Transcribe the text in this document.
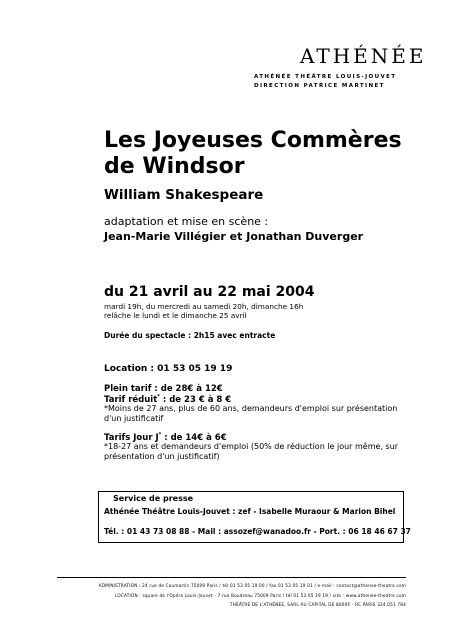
ATHÉNÉE
ATHÉNÉE THÉÂTRE LOUIS-JOUVET
DIRECTION PATRICE MARTINET
Les Joyeuses Commères
de Windsor
William Shakespeare
adaptation et mise en scène :
Jean-Marie Villégier et Jonathan Duverger
du 21 avril au 22 mai 2004
mardi 19h, du mercredi au samedi 20h, dimanche 16h
relâche le lundi et le dimanche 25 avril
Durée du spectacle : 2h15 avec entracte
Location : 01 53 05 19 19
Plein tarif : de 28€ à 12€
Tarif réduit* : de 23 € à 8 €
*Moins de 27 ans, plus de 60 ans, demandeurs d'emploi sur présentation d'un justificatif
Tarifs Jour J* : de 14€ à 6€
*18-27 ans et demandeurs d'emploi (50% de réduction le jour même, sur présentation d'un justificatif)
Service de presse
Athénée Théâtre Louis-Jouvet : zef - Isabelle Muraour & Marion Bihel
Tél. : 01 43 73 08 88 - Mail : assozef@wanadoo.fr - Port. : 06 18 46 67 37
ADMINISTRATION : 24 rue de Caumartin 75009 Paris / tél 01 53 05 19 00 / fax 01 53 05 19 01 / e-mail : contact@athenee-theatre.com
LOCATION : square de l'Opéra Louis-Jouvet - 7 rue Boudreau 75009 Paris / tél 01 53 05 19 19 / site : www.athenee-theatre.com
THÉÂTRE DE L'ATHÉNÉE, SARL AU CAPITAL DE 8000€ - RC PARIS 324 051 784
